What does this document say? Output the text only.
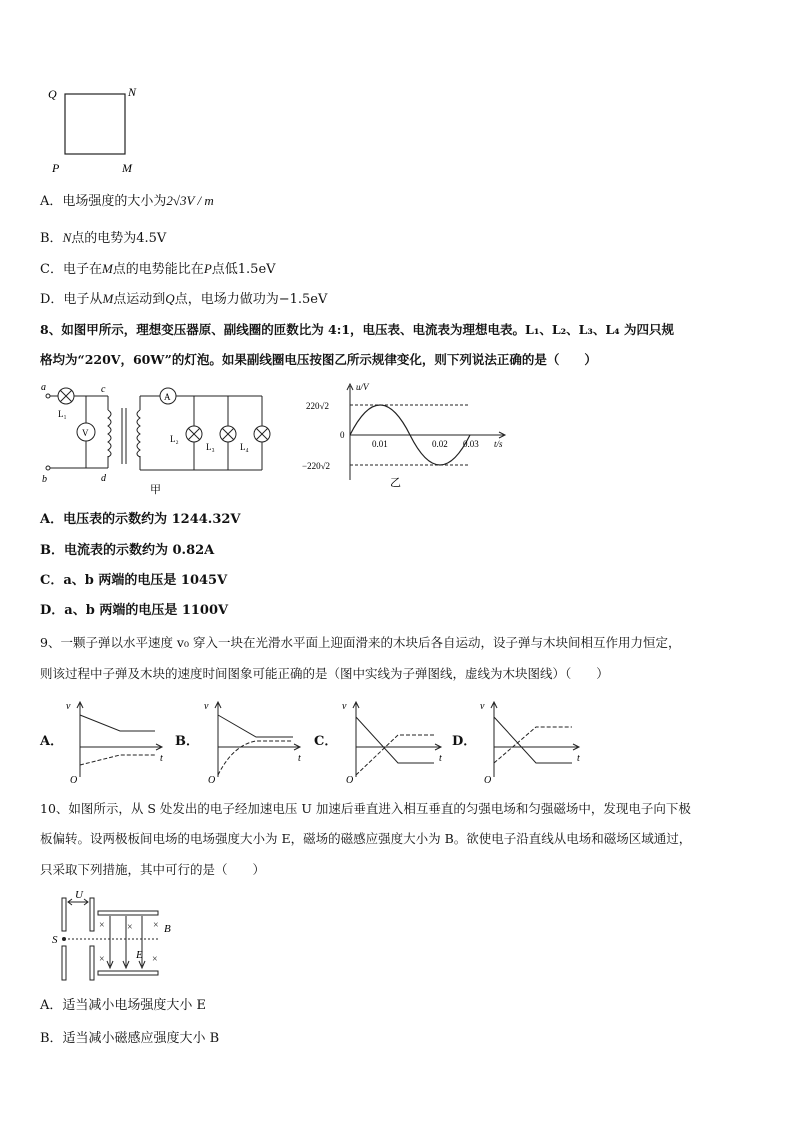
Q	N
P	M
A．电场强度的大小为2√3V / m
B．N点的电势为4.5V
C．电子在M点的电势能比在P点低1.5eV
D．电子从M点运动到Q点，电场力做功为−1.5eV
8、如图甲所示，理想变压器原、副线圈的匝数比为 4:1，电压表、电流表为理想电表。L₁、L₂、L₃、L₄ 为四只规
格均为“220V，60W”的灯泡。如果副线圈电压按图乙所示规律变化，则下列说法正确的是（　　）
a
b
c
d
L₁
V
A
L₂
L₃	L₄
甲
u/V
220√2
0
−220√2
0.01	0.02 0.03 t/s
乙
A．电压表的示数约为 1244.32V
B．电流表的示数约为 0.82A
C．a、b 两端的电压是 1045V
D．a、b 两端的电压是 1100V
9、一颗子弹以水平速度 v₀ 穿入一块在光滑水平面上迎面滑来的木块后各自运动，设子弹与木块间相互作用力恒定，
则该过程中子弹及木块的速度时间图象可能正确的是（图中实线为子弹图线，虚线为木块图线）（　　）
A．
v
t
O
B．
v
t
O
C．
v
t
O
D．
v
t
O
10、如图所示，从 S 处发出的电子经加速电压 U 加速后垂直进入相互垂直的匀强电场和匀强磁场中，发现电子向下极
板偏转。设两极板间电场的电场强度大小为 E，磁场的磁感应强度大小为 B。欲使电子沿直线从电场和磁场区域通过，
只采取下列措施，其中可行的是（　　）
× × ×
×	×
U
S
B
E
A．适当减小电场强度大小 E
B．适当减小磁感应强度大小 B
